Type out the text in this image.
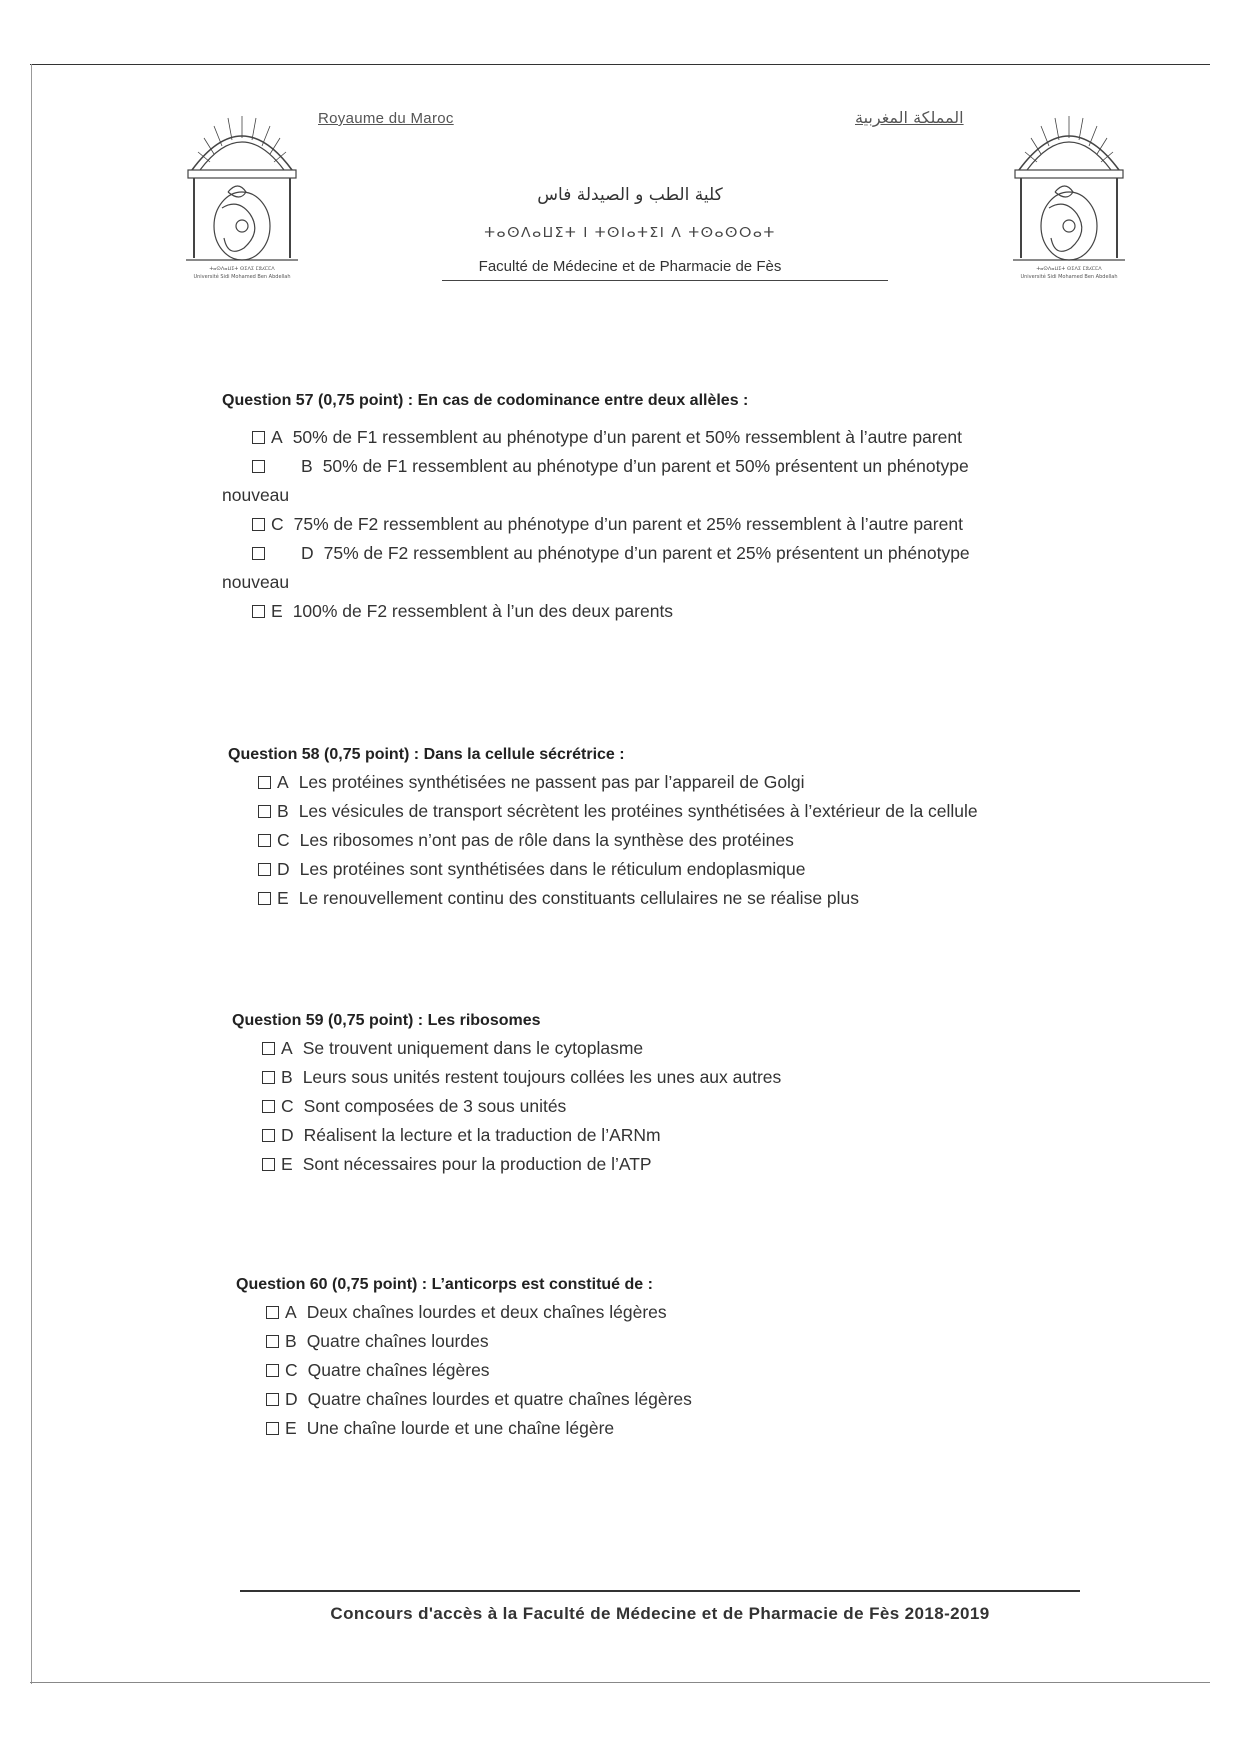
ⵜⴰⵙⴷⴰⵡⵉⵜ ⵙⵉⴷⵉ ⵎⵓⵃⵎⵎⴷ
Université Sidi Mohamed Ben Abdellah
ⵜⴰⵙⴷⴰⵡⵉⵜ ⵙⵉⴷⵉ ⵎⵓⵃⵎⵎⴷ
Université Sidi Mohamed Ben Abdellah
Royaume du Maroc	المملكة المغربية
كلية الطب و الصيدلة فاس
ⵜⴰⵙⴷⴰⵡⵉⵜ ⵏ ⵜⵙⵏⴰⵜⵉⵏ ⴷ ⵜⵙⴰⵙⵔⴰⵜ
Faculté de Médecine et de Pharmacie de Fès
Question 57 (0,75 point) : En cas de codominance entre deux allèles :
A 50% de F1 ressemblent au phénotype d’un parent et 50% ressemblent à l’autre parent
B 50% de F1 ressemblent au phénotype d’un parent et 50% présentent un phénotype nouveau
C 75% de F2 ressemblent au phénotype d’un parent et 25% ressemblent à l’autre parent
D 75% de F2 ressemblent au phénotype d’un parent et 25% présentent un phénotype nouveau
E 100% de F2 ressemblent à l’un des deux parents
Question 58 (0,75 point) : Dans la cellule sécrétrice :
A Les protéines synthétisées ne passent pas par l’appareil de Golgi
B Les vésicules de transport sécrètent les protéines synthétisées à l’extérieur de la cellule
C Les ribosomes n’ont pas de rôle dans la synthèse des protéines
D Les protéines sont synthétisées dans le réticulum endoplasmique
E Le renouvellement continu des constituants cellulaires ne se réalise plus
Question 59 (0,75 point) : Les ribosomes
A Se trouvent uniquement dans le cytoplasme
B Leurs sous unités restent toujours collées les unes aux autres
C Sont composées de 3 sous unités
D Réalisent la lecture et la traduction de l’ARNm
E Sont nécessaires pour la production de l’ATP
Question 60 (0,75 point) : L’anticorps est constitué de :
A Deux chaînes lourdes et deux chaînes légères
B Quatre chaînes lourdes
C Quatre chaînes légères
D Quatre chaînes lourdes et quatre chaînes légères
E Une chaîne lourde et une chaîne légère
Concours d'accès à la Faculté de Médecine et de Pharmacie de Fès 2018-2019
